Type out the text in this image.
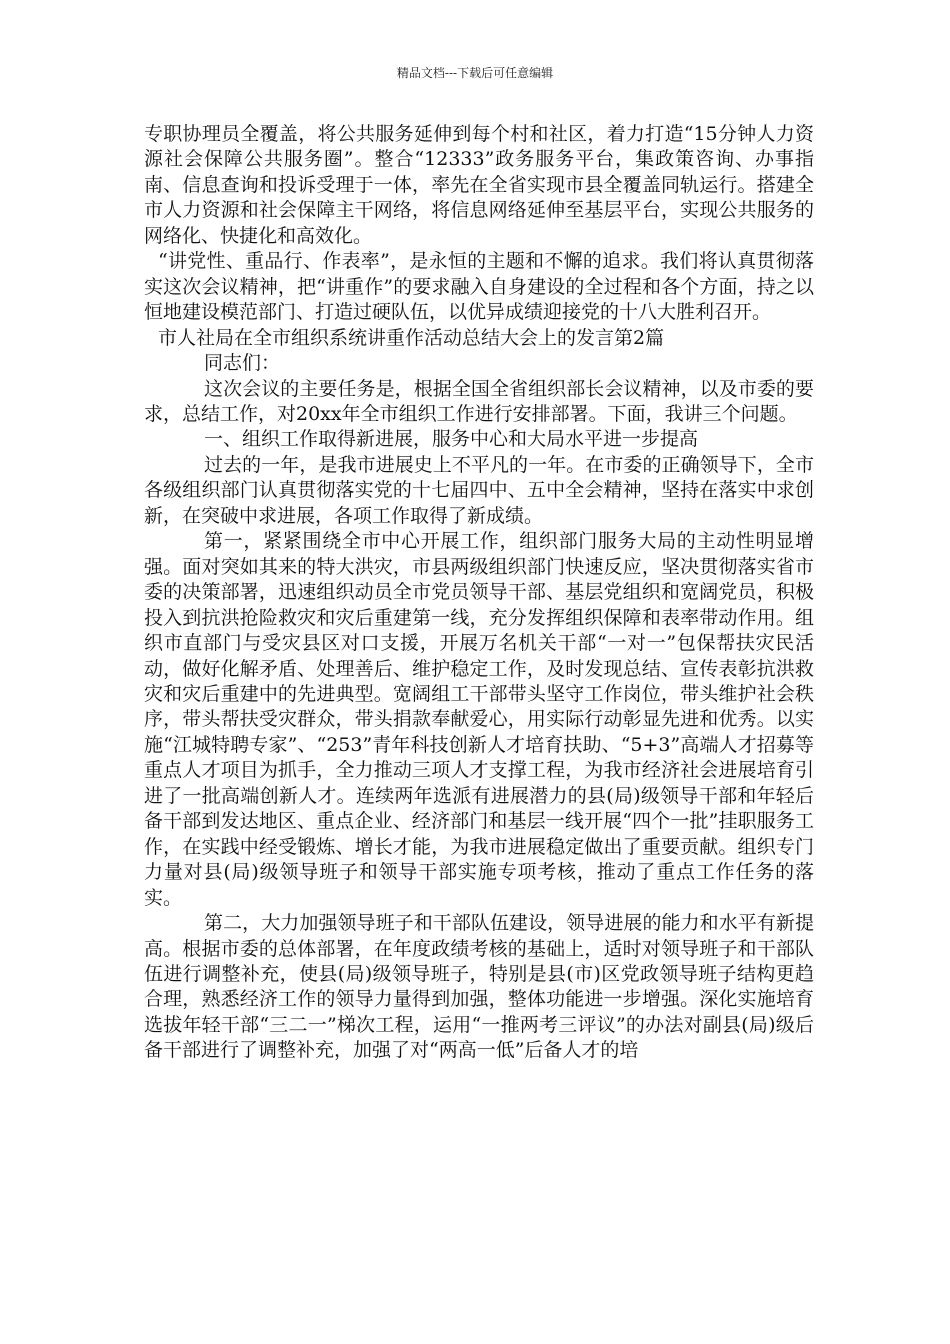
精品文档---下载后可任意编辑

专职协理员全覆盖，将公共服务延伸到每个村和社区，着力打造“15分钟人力资源社会保障公共服务圈”。整合“12333”政务服务平台，集政策咨询、办事指南、信息查询和投诉受理于一体，率先在全省实现市县全覆盖同轨运行。搭建全市人力资源和社会保障主干网络，将信息网络延伸至基层平台，实现公共服务的网络化、快捷化和高效化。

“讲党性、重品行、作表率”，是永恒的主题和不懈的追求。我们将认真贯彻落实这次会议精神，把“讲重作”的要求融入自身建设的全过程和各个方面，持之以恒地建设模范部门、打造过硬队伍，以优异成绩迎接党的十八大胜利召开。

市人社局在全市组织系统讲重作活动总结大会上的发言第2篇

同志们：

这次会议的主要任务是，根据全国全省组织部长会议精神，以及市委的要求，总结工作，对20xx年全市组织工作进行安排部署。下面，我讲三个问题。

一、组织工作取得新进展，服务中心和大局水平进一步提高

过去的一年，是我市进展史上不平凡的一年。在市委的正确领导下，全市各级组织部门认真贯彻落实党的十七届四中、五中全会精神，坚持在落实中求创新，在突破中求进展，各项工作取得了新成绩。

第一，紧紧围绕全市中心开展工作，组织部门服务大局的主动性明显增强。面对突如其来的特大洪灾，市县两级组织部门快速反应，坚决贯彻落实省市委的决策部署，迅速组织动员全市党员领导干部、基层党组织和宽阔党员，积极投入到抗洪抢险救灾和灾后重建第一线，充分发挥组织保障和表率带动作用。组织市直部门与受灾县区对口支援，开展万名机关干部“一对一”包保帮扶灾民活动，做好化解矛盾、处理善后、维护稳定工作，及时发现总结、宣传表彰抗洪救灾和灾后重建中的先进典型。宽阔组工干部带头坚守工作岗位，带头维护社会秩序，带头帮扶受灾群众，带头捐款奉献爱心，用实际行动彰显先进和优秀。以实施“江城特聘专家”、“253”青年科技创新人才培育扶助、“5+3”高端人才招募等重点人才项目为抓手，全力推动三项人才支撑工程，为我市经济社会进展培育引进了一批高端创新人才。连续两年选派有进展潜力的县(局)级领导干部和年轻后备干部到发达地区、重点企业、经济部门和基层一线开展“四个一批”挂职服务工作，在实践中经受锻炼、增长才能，为我市进展稳定做出了重要贡献。组织专门力量对县(局)级领导班子和领导干部实施专项考核，推动了重点工作任务的落实。

第二，大力加强领导班子和干部队伍建设，领导进展的能力和水平有新提高。根据市委的总体部署，在年度政绩考核的基础上，适时对领导班子和干部队伍进行调整补充，使县(局)级领导班子，特别是县(市)区党政领导班子结构更趋合理，熟悉经济工作的领导力量得到加强，整体功能进一步增强。深化实施培育选拔年轻干部“三二一”梯次工程，运用“一推两考三评议”的办法对副县(局)级后备干部进行了调整补充，加强了对“两高一低”后备人才的培
